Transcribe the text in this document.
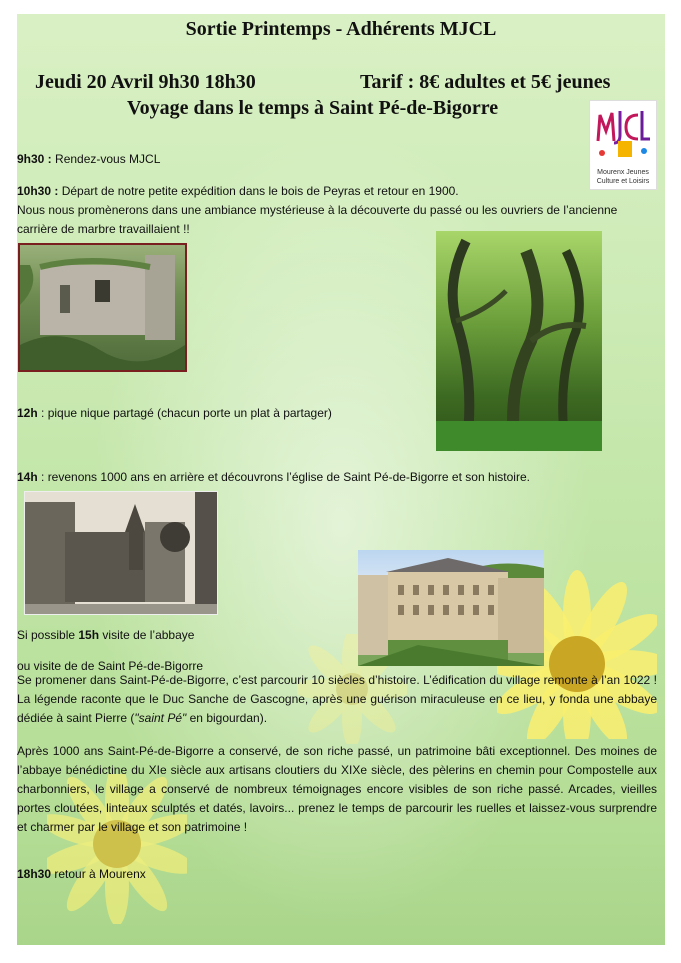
Sortie Printemps - Adhérents MJCL
Jeudi 20 Avril 9h30 18h30	Tarif : 8€ adultes et 5€ jeunes
Voyage dans le temps à Saint Pé-de-Bigorre
Mourenx Jeunes
Culture et Loisirs
9h30 : Rendez-vous MJCL
10h30 : Départ de notre petite expédition dans le bois de Peyras et retour en 1900.
Nous nous promènerons dans une ambiance mystérieuse à la découverte du passé ou les ouvriers de l’ancienne carrière de marbre travaillaient !!
12h : pique nique partagé (chacun porte un plat à partager)
14h : revenons 1000 ans en arrière et découvrons l’église de Saint Pé-de-Bigorre et son histoire.
Si possible 15h visite de l’abbaye
ou visite de de Saint Pé-de-Bigorre
Se promener dans Saint-Pé-de-Bigorre, c’est parcourir 10 siècles d’histoire. L’édification du village remonte à l’an 1022 ! La légende raconte que le Duc Sanche de Gascogne, après une guérison miraculeuse en ce lieu, y fonda une abbaye dédiée à saint Pierre ("saint Pé" en bigourdan).
Après 1000 ans Saint-Pé-de-Bigorre a conservé, de son riche passé, un patrimoine bâti exceptionnel. Des moines de l’abbaye bénédictine du XIe siècle aux artisans cloutiers du XIXe siècle, des pèlerins en chemin pour Compostelle aux charbonniers, le village a conservé de nombreux témoignages encore visibles de son riche passé. Arcades, vieilles portes cloutées, linteaux sculptés et datés, lavoirs... prenez le temps de parcourir les ruelles et laissez-vous surprendre et charmer par le village et son patrimoine !
18h30 retour à Mourenx
